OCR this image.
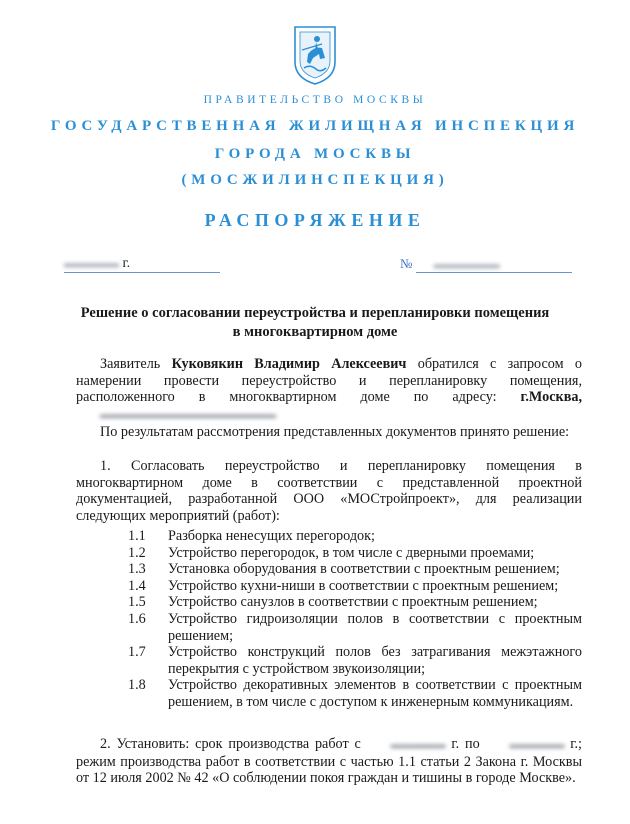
ПРАВИТЕЛЬСТВО МОСКВЫ
ГОСУДАРСТВЕННАЯ ЖИЛИЩНАЯ ИНСПЕКЦИЯ
ГОРОДА МОСКВЫ
(МОСЖИЛИНСПЕКЦИЯ)
РАСПОРЯЖЕНИЕ
▬▬▬▬▬ г.	№ ▬▬▬▬▬▬
Решение о согласовании переустройства и перепланировки помещения в многоквартирном доме
Заявитель Куковякин Владимир Алексеевич обратился с запросом о намерении провести переустройство и перепланировку помещения, расположенного в многоквартирном доме по адресу: г.Москва, ▬▬▬▬▬▬▬▬▬▬▬▬▬▬▬▬
По результатам рассмотрения представленных документов принято решение:
1. Согласовать переустройство и перепланировку помещения в многоквартирном доме в соответствии с представленной проектной документацией, разработанной ООО «МОСтройпроект», для реализации следующих мероприятий (работ):
1.1 Разборка ненесущих перегородок;
1.2 Устройство перегородок, в том числе с дверными проемами;
1.3 Установка оборудования в соответствии с проектным решением;
1.4 Устройство кухни-ниши в соответствии с проектным решением;
1.5 Устройство санузлов в соответствии с проектным решением;
1.6 Устройство гидроизоляции полов в соответствии с проектным решением;
1.7 Устройство конструкций полов без затрагивания межэтажного перекрытия с устройством звукоизоляции;
1.8 Устройство декоративных элементов в соответствии с проектным решением, в том числе с доступом к инженерным коммуникациям.
2. Установить: срок производства работ с	▬▬▬▬▬ г. по	▬▬▬▬▬ г.; режим производства работ в соответствии с частью 1.1 статьи 2 Закона г. Москвы от 12 июля 2002 № 42 «О соблюдении покоя граждан и тишины в городе Москве».
